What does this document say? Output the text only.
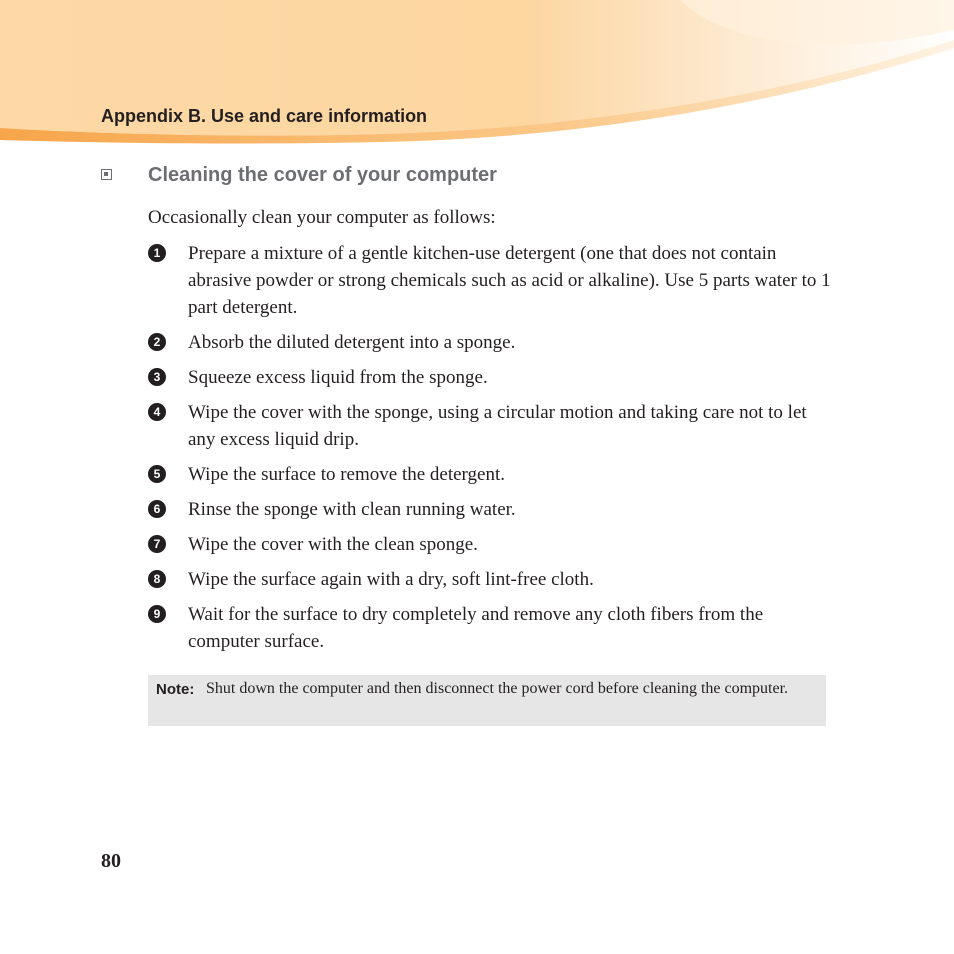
Appendix B. Use and care information
Cleaning the cover of your computer
Occasionally clean your computer as follows:
1 Prepare a mixture of a gentle kitchen-use detergent (one that does not contain abrasive powder or strong chemicals such as acid or alkaline). Use 5 parts water to 1 part detergent.
2 Absorb the diluted detergent into a sponge.
3 Squeeze excess liquid from the sponge.
4 Wipe the cover with the sponge, using a circular motion and taking care not to let any excess liquid drip.
5 Wipe the surface to remove the detergent.
6 Rinse the sponge with clean running water.
7 Wipe the cover with the clean sponge.
8 Wipe the surface again with a dry, soft lint-free cloth.
9 Wait for the surface to dry completely and remove any cloth fibers from the computer surface.
Note: Shut down the computer and then disconnect the power cord before cleaning the computer.
80
